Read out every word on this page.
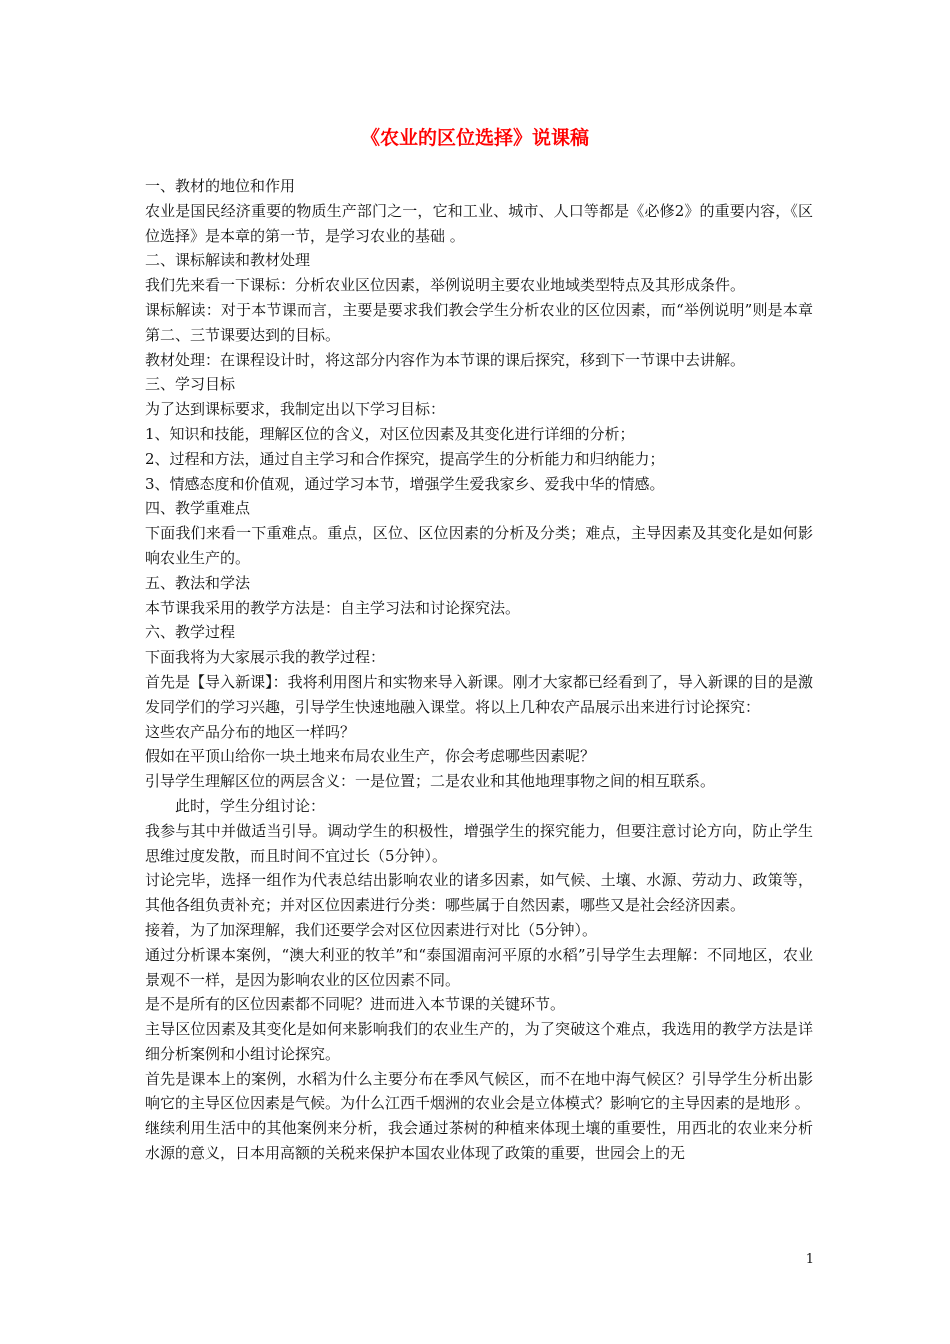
《农业的区位选择》说课稿

一、教材的地位和作用

农业是国民经济重要的物质生产部门之一，它和工业、城市、人口等都是《必修2》的重要内容，《区位选择》是本章的第一节，是学习农业的基础 。

二、课标解读和教材处理

我们先来看一下课标：分析农业区位因素，举例说明主要农业地域类型特点及其形成条件。

课标解读：对于本节课而言，主要是要求我们教会学生分析农业的区位因素，而“举例说明”则是本章第二、三节课要达到的目标。

教材处理：在课程设计时，将这部分内容作为本节课的课后探究，移到下一节课中去讲解。

三、学习目标

为了达到课标要求，我制定出以下学习目标：

1、知识和技能，理解区位的含义，对区位因素及其变化进行详细的分析；

2、过程和方法，通过自主学习和合作探究，提高学生的分析能力和归纳能力；

3、情感态度和价值观，通过学习本节，增强学生爱我家乡、爱我中华的情感。

四、教学重难点

下面我们来看一下重难点。重点，区位、区位因素的分析及分类；难点，主导因素及其变化是如何影响农业生产的。

五、教法和学法

本节课我采用的教学方法是：自主学习法和讨论探究法。

六、教学过程

下面我将为大家展示我的教学过程：

首先是【导入新课】：我将利用图片和实物来导入新课。刚才大家都已经看到了，导入新课的目的是激发同学们的学习兴趣，引导学生快速地融入课堂。将以上几种农产品展示出来进行讨论探究：

这些农产品分布的地区一样吗？

假如在平顶山给你一块土地来布局农业生产，你会考虑哪些因素呢？

引导学生理解区位的两层含义：一是位置；二是农业和其他地理事物之间的相互联系。

此时，学生分组讨论：

我参与其中并做适当引导。调动学生的积极性，增强学生的探究能力，但要注意讨论方向，防止学生思维过度发散，而且时间不宜过长（5分钟）。

讨论完毕，选择一组作为代表总结出影响农业的诸多因素，如气候、土壤、水源、劳动力、政策等，其他各组负责补充；并对区位因素进行分类：哪些属于自然因素，哪些又是社会经济因素。

接着，为了加深理解，我们还要学会对区位因素进行对比（5分钟）。

通过分析课本案例，“澳大利亚的牧羊”和“泰国湄南河平原的水稻”引导学生去理解：不同地区，农业景观不一样，是因为影响农业的区位因素不同。

是不是所有的区位因素都不同呢？进而进入本节课的关键环节。

主导区位因素及其变化是如何来影响我们的农业生产的，为了突破这个难点，我选用的教学方法是详细分析案例和小组讨论探究。

首先是课本上的案例，水稻为什么主要分布在季风气候区，而不在地中海气候区？引导学生分析出影响它的主导区位因素是气候。为什么江西千烟洲的农业会是立体模式？影响它的主导因素的是地形 。

继续利用生活中的其他案例来分析，我会通过茶树的种植来体现土壤的重要性，用西北的农业来分析水源的意义，日本用高额的关税来保护本国农业体现了政策的重要，世园会上的无

1
